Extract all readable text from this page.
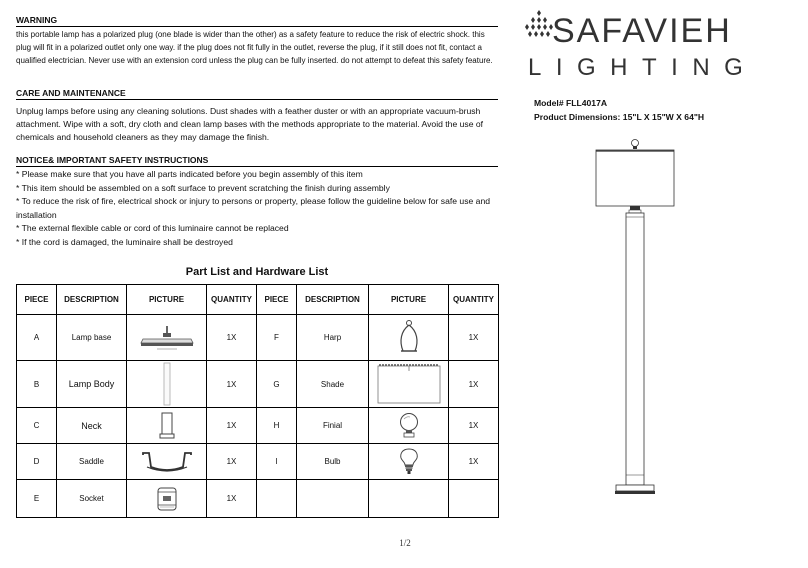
WARNING
this portable lamp has a polarized plug (one blade is wider than the other) as a safety feature to reduce the risk of electric shock. this plug will fit in a polarized outlet only one way. if the plug does not fit fully in the outlet, reverse the plug, if it still does not fit, contact a qualified electrician. Never use with an extension cord unless the plug can be fully inserted. do not attempt to defeat this safety feature.
CARE AND MAINTENANCE
Unplug lamps before using any cleaning solutions. Dust shades with a feather duster or with an appropriate vacuum-brush attachment. Wipe with a soft, dry cloth and clean lamp bases with the methods appropriate to the material. Avoid the use of chemicals and household cleaners as they may damage the finish.
NOTICE& IMPORTANT SAFETY INSTRUCTIONS
* Please make sure that you have all parts indicated before you begin assembly of this item
* This item should be assembled on a soft surface to prevent scratching the finish during assembly
* To reduce the risk of fire, electrical shock or injury to persons or property, please follow the guideline below for safe use and installation
* The external flexible cable or cord of this luminaire cannot be replaced
* If the cord is damaged, the luminaire shall be destroyed
Part List and Hardware List
PIECE	DESCRIPTION	PICTURE	QUANTITY	PIECE	DESCRIPTION	PICTURE	QUANTITY
A	Lamp base		1X	F	Harp		1X
B	Lamp Body		1X	G	Shade		1X
C	Neck		1X	H	Finial		1X
D	Saddle		1X	I	Bulb		1X
E	Socket		1X				
SAFAVIEH
LIGHTING
Model# FLL4017A
Product Dimensions: 15"L X 15"W X 64"H
1/2
